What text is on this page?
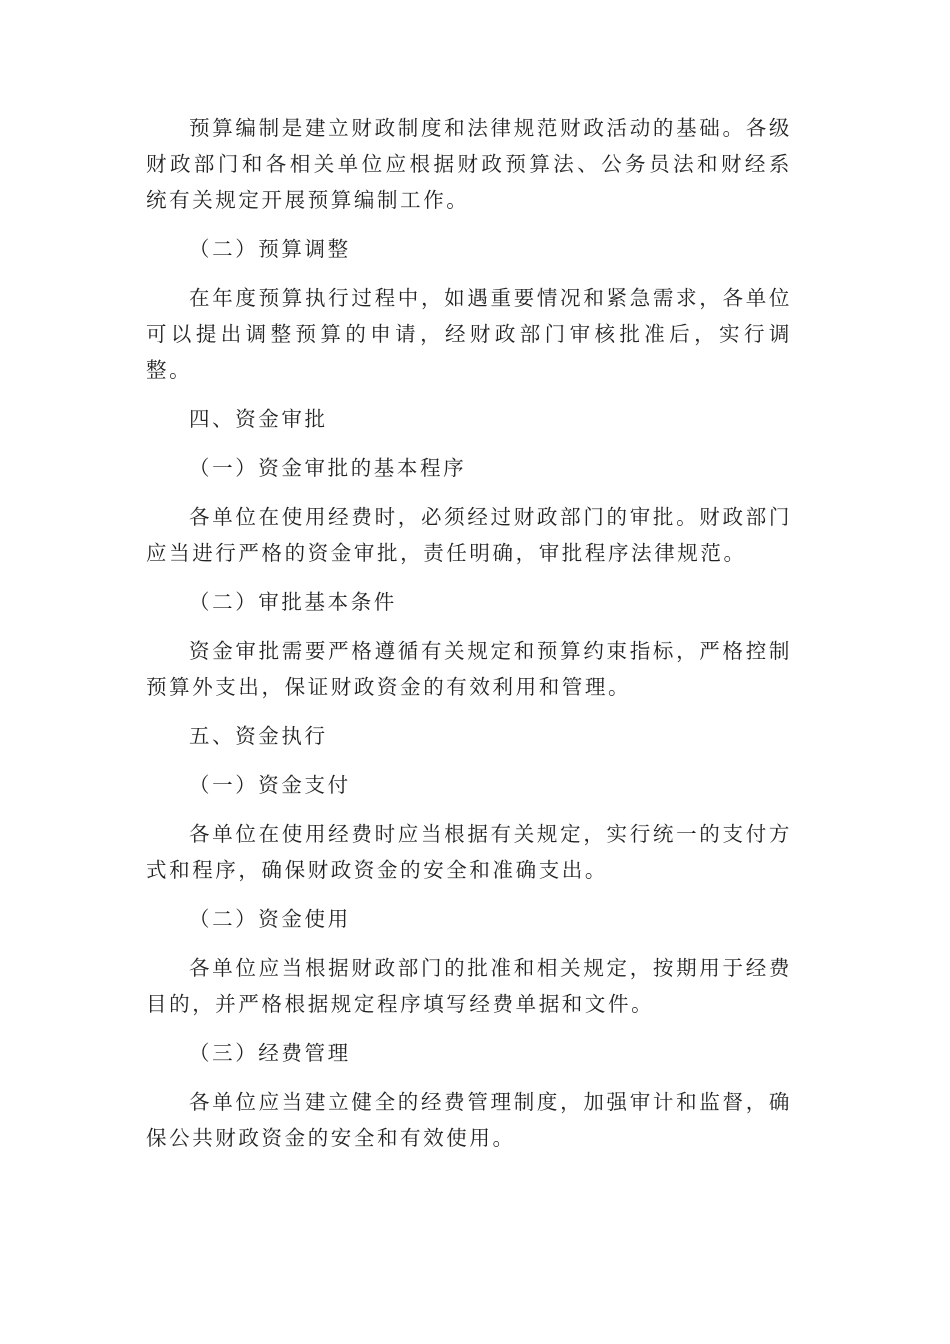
预算编制是建立财政制度和法律规范财政活动的基础。各级财政部门和各相关单位应根据财政预算法、公务员法和财经系统有关规定开展预算编制工作。

（二）预算调整

在年度预算执行过程中，如遇重要情况和紧急需求，各单位可以提出调整预算的申请，经财政部门审核批准后，实行调整。

四、资金审批

（一）资金审批的基本程序

各单位在使用经费时，必须经过财政部门的审批。财政部门应当进行严格的资金审批，责任明确，审批程序法律规范。

（二）审批基本条件

资金审批需要严格遵循有关规定和预算约束指标，严格控制预算外支出，保证财政资金的有效利用和管理。

五、资金执行

（一）资金支付

各单位在使用经费时应当根据有关规定，实行统一的支付方式和程序，确保财政资金的安全和准确支出。

（二）资金使用

各单位应当根据财政部门的批准和相关规定，按期用于经费目的，并严格根据规定程序填写经费单据和文件。

（三）经费管理

各单位应当建立健全的经费管理制度，加强审计和监督，确保公共财政资金的安全和有效使用。
